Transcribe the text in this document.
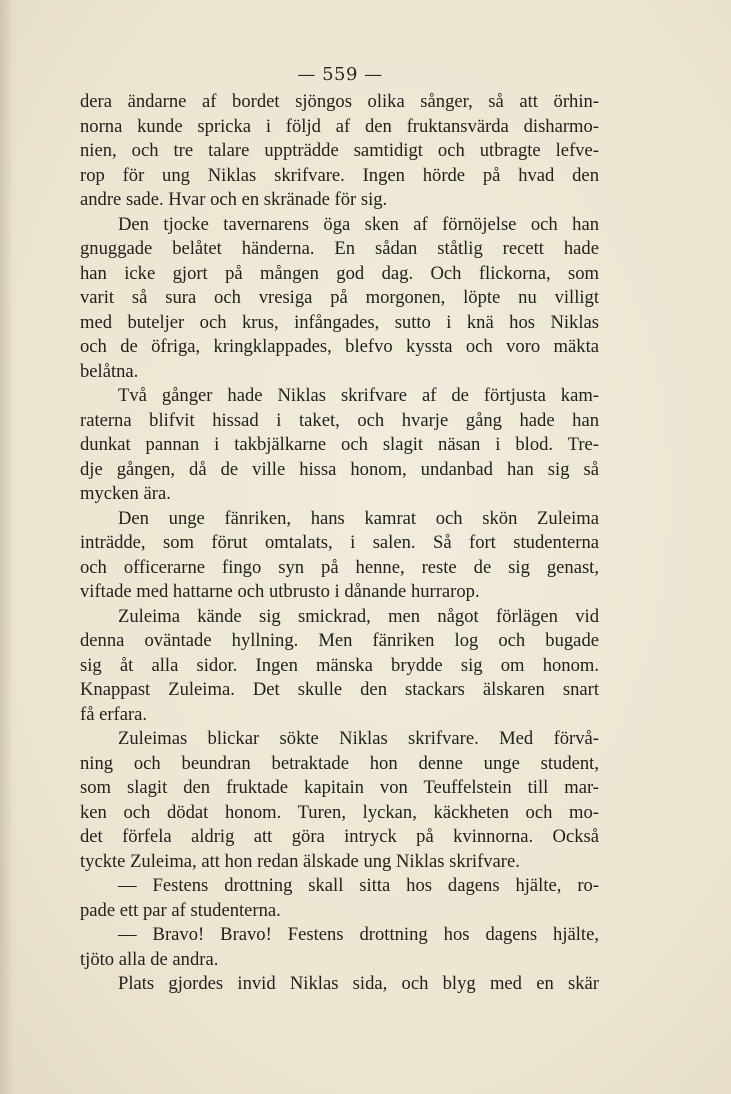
— 559 —
dera ändarne af bordet sjöngos olika sånger, så att örhin-
norna kunde spricka i följd af den fruktansvärda disharmo-
nien, och tre talare uppträdde samtidigt och utbragte lefve-
rop för ung Niklas skrifvare. Ingen hörde på hvad den
andre sade. Hvar och en skränade för sig.
Den tjocke tavernarens öga sken af förnöjelse och han
gnuggade belåtet händerna. En sådan ståtlig recett hade
han icke gjort på mången god dag. Och flickorna, som
varit så sura och vresiga på morgonen, löpte nu villigt
med buteljer och krus, infångades, sutto i knä hos Niklas
och de öfriga, kringklappades, blefvo kyssta och voro mäkta
belåtna.
Två gånger hade Niklas skrifvare af de förtjusta kam-
raterna blifvit hissad i taket, och hvarje gång hade han
dunkat pannan i takbjälkarne och slagit näsan i blod. Tre-
dje gången, då de ville hissa honom, undanbad han sig så
mycken ära.
Den unge fänriken, hans kamrat och skön Zuleima
inträdde, som förut omtalats, i salen. Så fort studenterna
och officerarne fingo syn på henne, reste de sig genast,
viftade med hattarne och utbrusto i dånande hurrarop.
Zuleima kände sig smickrad, men något förlägen vid
denna oväntade hyllning. Men fänriken log och bugade
sig åt alla sidor. Ingen mänska brydde sig om honom.
Knappast Zuleima. Det skulle den stackars älskaren snart
få erfara.
Zuleimas blickar sökte Niklas skrifvare. Med förvå-
ning och beundran betraktade hon denne unge student,
som slagit den fruktade kapitain von Teuffelstein till mar-
ken och dödat honom. Turen, lyckan, käckheten och mo-
det förfela aldrig att göra intryck på kvinnorna. Också
tyckte Zuleima, att hon redan älskade ung Niklas skrifvare.
— Festens drottning skall sitta hos dagens hjälte, ro-
pade ett par af studenterna.
— Bravo! Bravo! Festens drottning hos dagens hjälte,
tjöto alla de andra.
Plats gjordes invid Niklas sida, och blyg med en skär
